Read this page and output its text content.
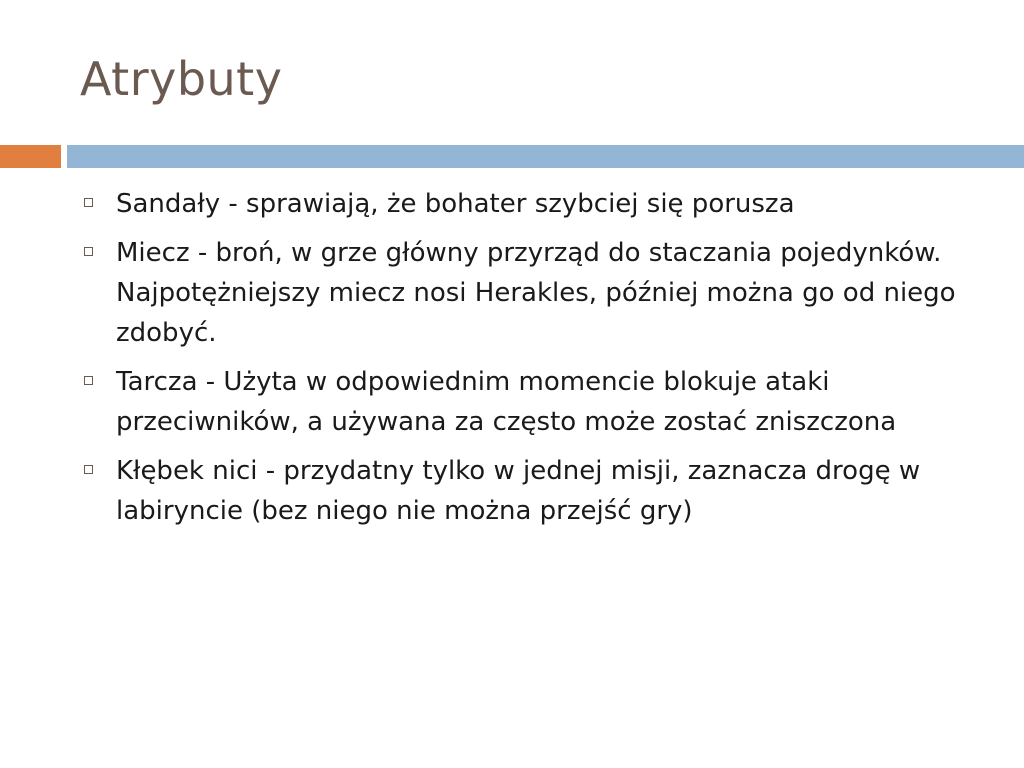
Atrybuty
Sandały - sprawiają, że bohater szybciej się porusza
Miecz - broń, w grze główny przyrząd do staczania pojedynków. Najpotężniejszy miecz nosi Herakles, później można go od niego zdobyć.
Tarcza - Użyta w odpowiednim momencie blokuje ataki przeciwników, a używana za często może zostać zniszczona
Kłębek nici - przydatny tylko w jednej misji, zaznacza drogę w labiryncie (bez niego nie można przejść gry)
